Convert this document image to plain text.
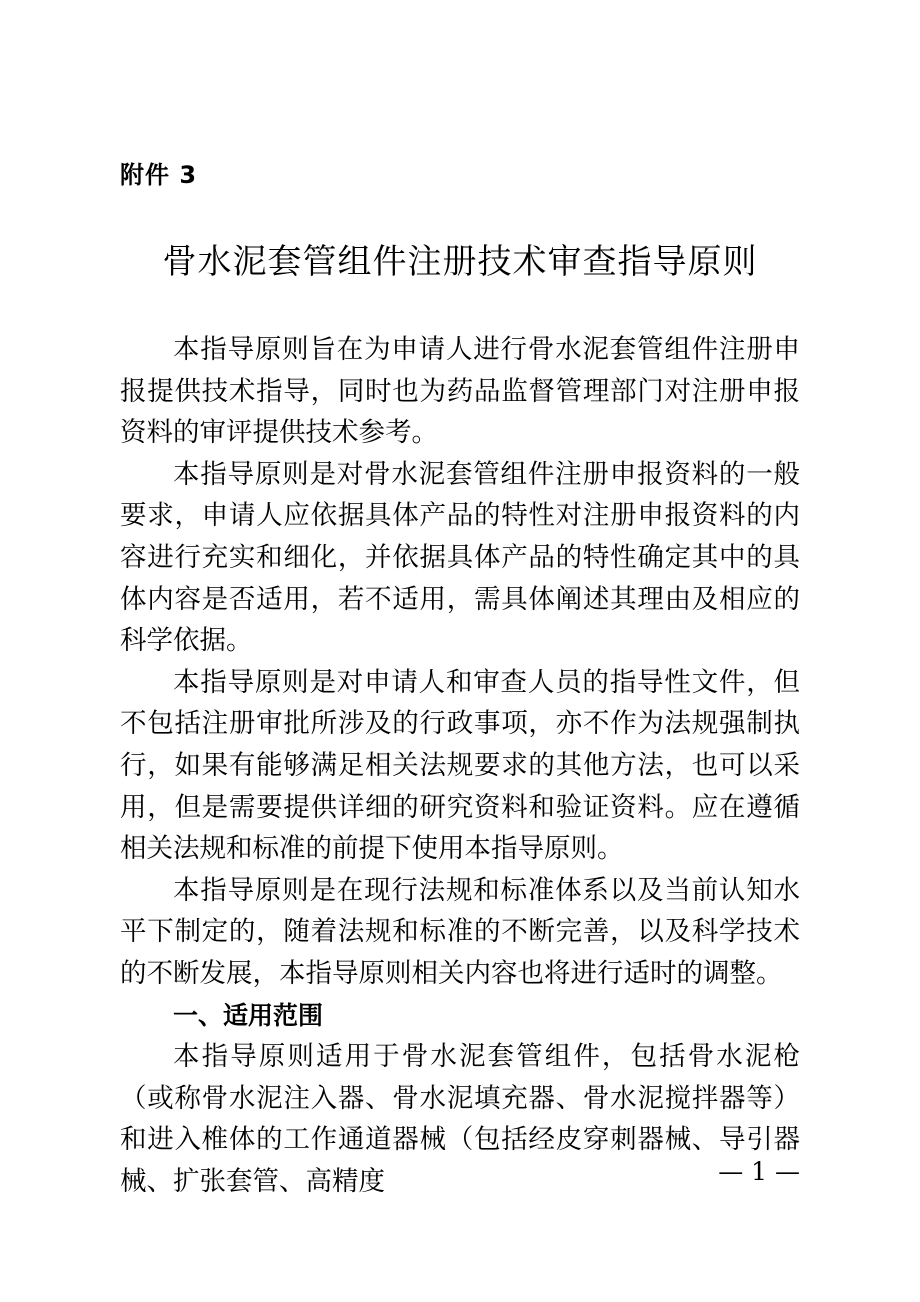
附件 3
骨水泥套管组件注册技术审查指导原则

本指导原则旨在为申请人进行骨水泥套管组件注册申报提供技术指导，同时也为药品监督管理部门对注册申报资料的审评提供技术参考。

本指导原则是对骨水泥套管组件注册申报资料的一般要求，申请人应依据具体产品的特性对注册申报资料的内容进行充实和细化，并依据具体产品的特性确定其中的具体内容是否适用，若不适用，需具体阐述其理由及相应的科学依据。

本指导原则是对申请人和审查人员的指导性文件，但不包括注册审批所涉及的行政事项，亦不作为法规强制执行，如果有能够满足相关法规要求的其他方法，也可以采用，但是需要提供详细的研究资料和验证资料。应在遵循相关法规和标准的前提下使用本指导原则。

本指导原则是在现行法规和标准体系以及当前认知水平下制定的，随着法规和标准的不断完善，以及科学技术的不断发展，本指导原则相关内容也将进行适时的调整。

一、适用范围

本指导原则适用于骨水泥套管组件，包括骨水泥枪（或称骨水泥注入器、骨水泥填充器、骨水泥搅拌器等）和进入椎体的工作通道器械（包括经皮穿刺器械、导引器械、扩张套管、高精度	— 1 —
